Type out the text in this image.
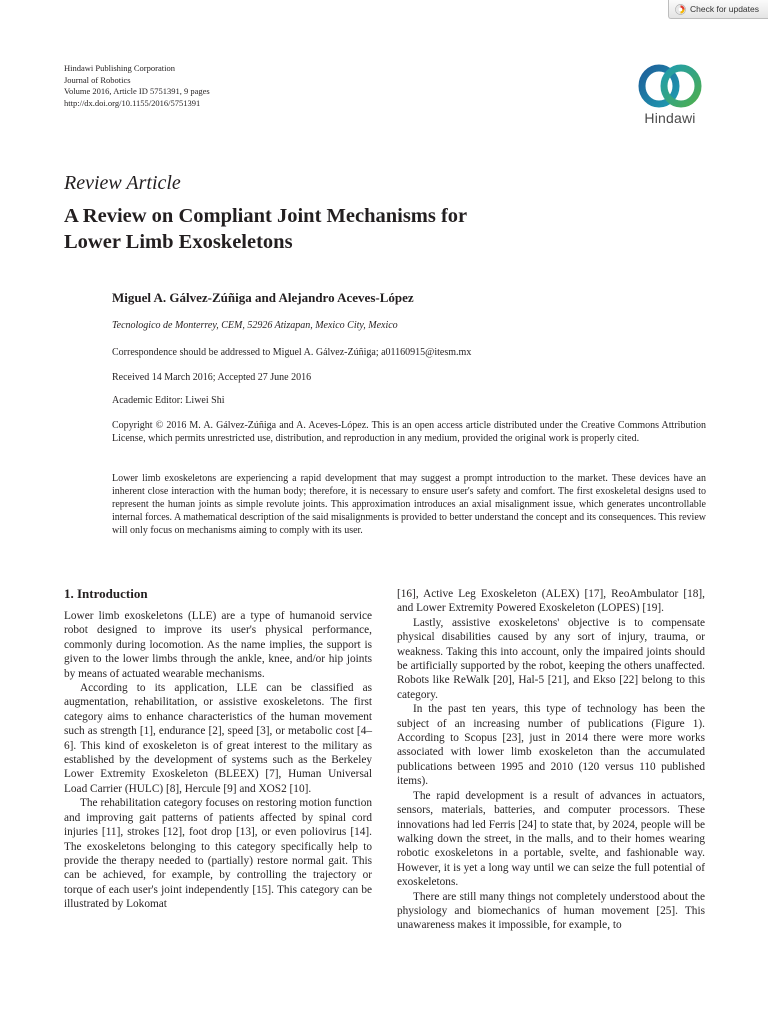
Check for updates
Hindawi Publishing Corporation
Journal of Robotics
Volume 2016, Article ID 5751391, 9 pages
http://dx.doi.org/10.1155/2016/5751391
Hindawi
Review Article
A Review on Compliant Joint Mechanisms for
Lower Limb Exoskeletons
Miguel A. Gálvez-Zúñiga and Alejandro Aceves-López
Tecnologico de Monterrey, CEM, 52926 Atizapan, Mexico City, Mexico
Correspondence should be addressed to Miguel A. Gálvez-Zúñiga; a01160915@itesm.mx
Received 14 March 2016; Accepted 27 June 2016
Academic Editor: Liwei Shi
Copyright © 2016 M. A. Gálvez-Zúñiga and A. Aceves-López. This is an open access article distributed under the Creative Commons Attribution License, which permits unrestricted use, distribution, and reproduction in any medium, provided the original work is properly cited.
Lower limb exoskeletons are experiencing a rapid development that may suggest a prompt introduction to the market. These devices have an inherent close interaction with the human body; therefore, it is necessary to ensure user's safety and comfort. The first exoskeletal designs used to represent the human joints as simple revolute joints. This approximation introduces an axial misalignment issue, which generates uncontrollable internal forces. A mathematical description of the said misalignments is provided to better understand the concept and its consequences. This review will only focus on mechanisms aiming to comply with its user.
1. Introduction

Lower limb exoskeletons (LLE) are a type of humanoid service robot designed to improve its user's physical performance, commonly during locomotion. As the name implies, the support is given to the lower limbs through the ankle, knee, and/or hip joints by means of actuated wearable mechanisms.

According to its application, LLE can be classified as augmentation, rehabilitation, or assistive exoskeletons. The first category aims to enhance characteristics of the human movement such as strength [1], endurance [2], speed [3], or metabolic cost [4–6]. This kind of exoskeleton is of great interest to the military as established by the development of systems such as the Berkeley Lower Extremity Exoskeleton (BLEEX) [7], Human Universal Load Carrier (HULC) [8], Hercule [9] and XOS2 [10].

The rehabilitation category focuses on restoring motion function and improving gait patterns of patients affected by spinal cord injuries [11], strokes [12], foot drop [13], or even poliovirus [14]. The exoskeletons belonging to this category specifically help to provide the therapy needed to (partially) restore normal gait. This can be achieved, for example, by controlling the trajectory or torque of each user's joint independently [15]. This category can be illustrated by Lokomat

[16], Active Leg Exoskeleton (ALEX) [17], ReoAmbulator [18], and Lower Extremity Powered Exoskeleton (LOPES) [19].

Lastly, assistive exoskeletons' objective is to compensate physical disabilities caused by any sort of injury, trauma, or weakness. Taking this into account, only the impaired joints should be artificially supported by the robot, keeping the others unaffected. Robots like ReWalk [20], Hal-5 [21], and Ekso [22] belong to this category.

In the past ten years, this type of technology has been the subject of an increasing number of publications (Figure 1). According to Scopus [23], just in 2014 there were more works associated with lower limb exoskeleton than the accumulated publications between 1995 and 2010 (120 versus 110 published items).

The rapid development is a result of advances in actuators, sensors, materials, batteries, and computer processors. These innovations had led Ferris [24] to state that, by 2024, people will be walking down the street, in the malls, and to their homes wearing robotic exoskeletons in a portable, svelte, and fashionable way. However, it is yet a long way until we can seize the full potential of exoskeletons.

There are still many things not completely understood about the physiology and biomechanics of human movement [25]. This unawareness makes it impossible, for example, to
